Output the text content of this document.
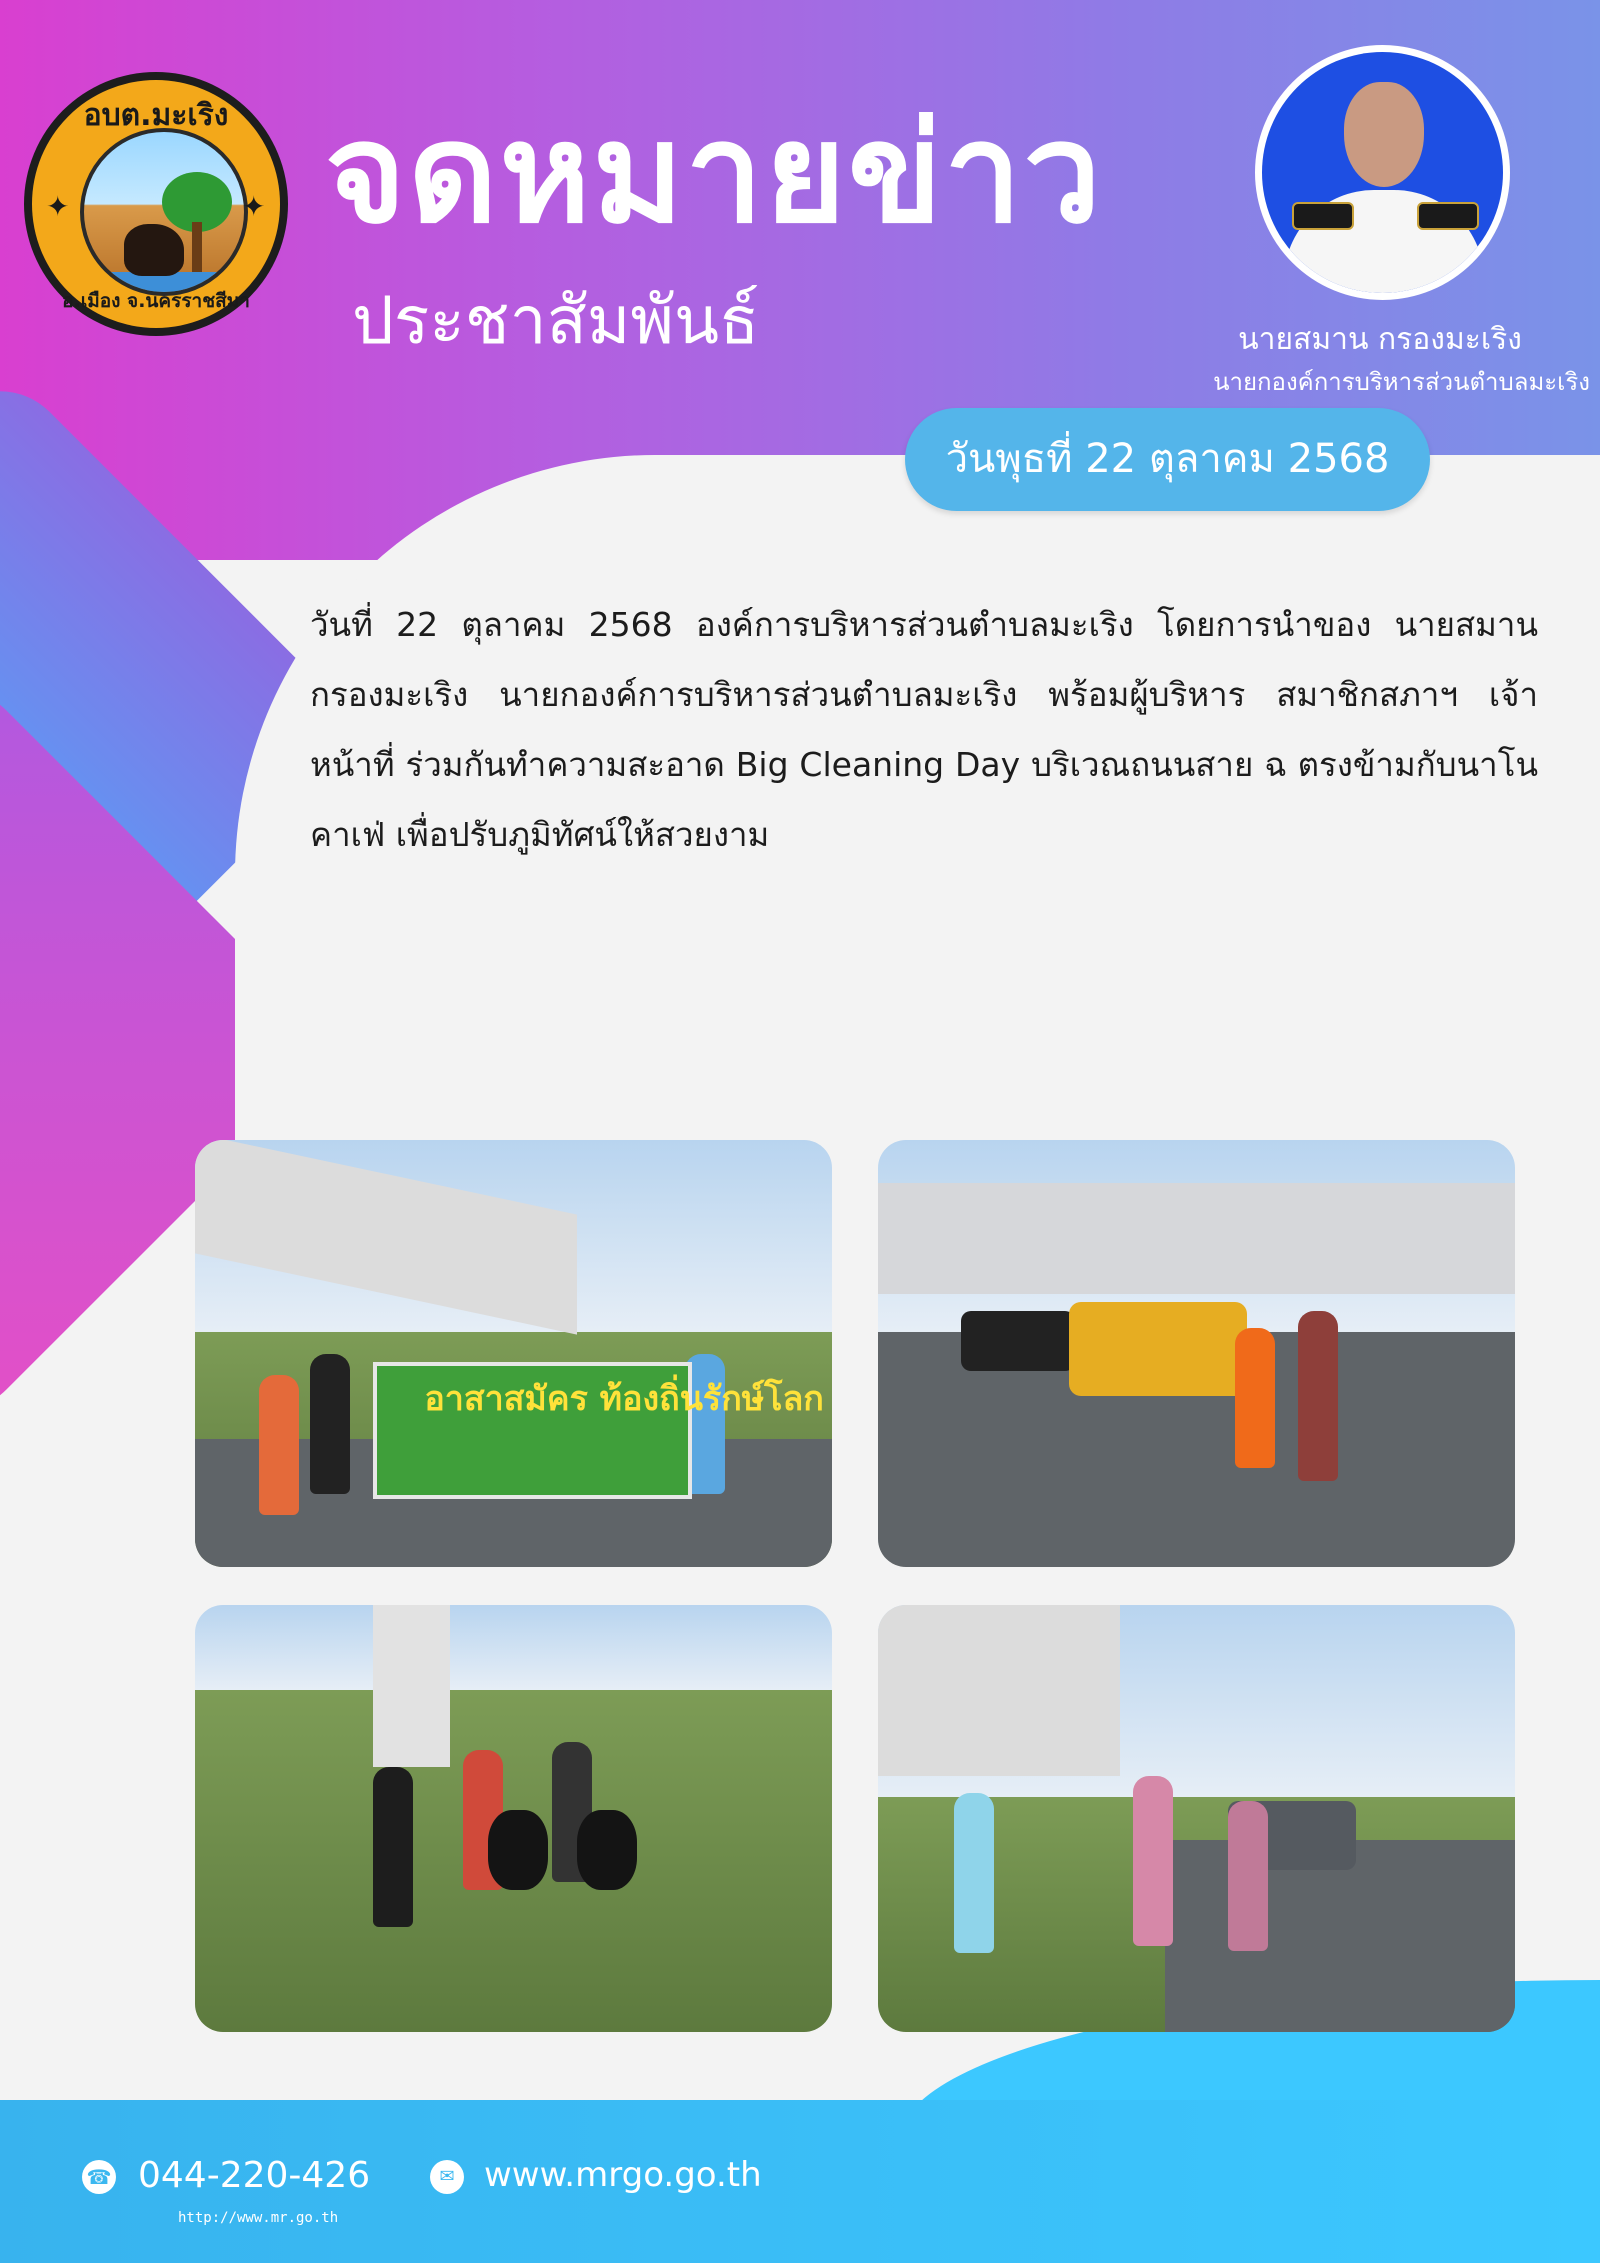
อบต.มะเริง
อ.เมือง จ.นครราชสีมา
✦	✦ จดหมายข่าว
ประชาสัมพันธ์	นายสมาน กรองมะเริง
นายกองค์การบริหารส่วนตำบลมะเริง
วันพุธที่ 22 ตุลาคม 2568
วันที่ 22 ตุลาคม 2568 องค์การบริหารส่วนตำบลมะเริง โดยการนำของ นายสมาน กรองมะเริง นายกองค์การบริหารส่วนตำบลมะเริง พร้อมผู้บริหาร สมาชิกสภาฯ เจ้าหน้าที่ ร่วมกันทำความสะอาด Big Cleaning Day บริเวณถนนสาย ฉ ตรงข้ามกับนาโนคาเฟ่ เพื่อปรับภูมิทัศน์ให้สวยงาม
อาสาสมัคร ท้องถิ่นรักษ์โลก
☎ 044-220-426	✉ www.mrgo.go.th
http://www.mr.go.th
